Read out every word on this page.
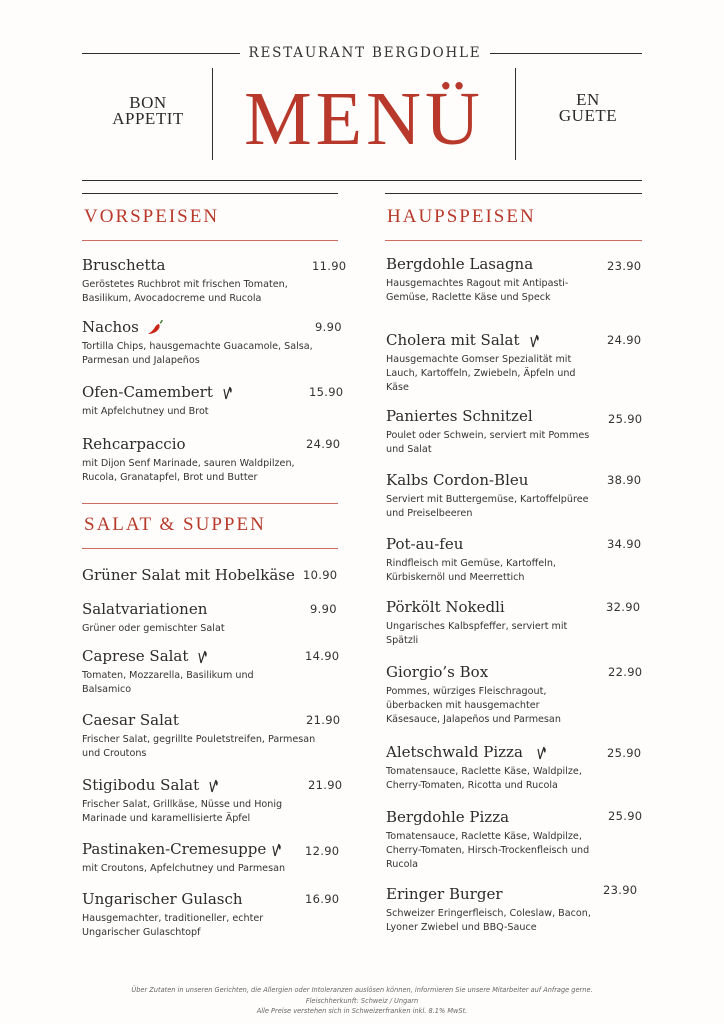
RESTAURANT BERGDOHLE
BON
APPETIT MENÜ	EN
GUETE
VORSPEISEN
Bruschetta
Geröstetes Ruchbrot mit frischen Tomaten, Basilikum, Avocadocreme und Rucola
11.90
Nachos
Tortilla Chips, hausgemachte Guacamole, Salsa, Parmesan und Jalapeños
9.90
Ofen-Camembert
mit Apfelchutney und Brot
15.90
Rehcarpaccio
mit Dijon Senf Marinade, sauren Waldpilzen, Rucola, Granatapfel, Brot und Butter
24.90
SALAT & SUPPEN
Grüner Salat mit Hobelkäse 10.90
Salatvariationen
Grüner oder gemischter Salat
9.90
Caprese Salat
Tomaten, Mozzarella, Basilikum und Balsamico
14.90
Caesar Salat
Frischer Salat, gegrillte Pouletstreifen, Parmesan und Croutons
21.90
Stigibodu Salat
Frischer Salat, Grillkäse, Nüsse und Honig Marinade und karamellisierte Äpfel
21.90
Pastinaken-Cremesuppe
mit Croutons, Apfelchutney und Parmesan
12.90
Ungarischer Gulasch
Hausgemachter, traditioneller, echter Ungarischer Gulaschtopf
16.90
HAUPSPEISEN
Bergdohle Lasagna
Hausgemachtes Ragout mit Antipasti-Gemüse, Raclette Käse und Speck
23.90
Cholera mit Salat
Hausgemachte Gomser Spezialität mit Lauch, Kartoffeln, Zwiebeln, Äpfeln und Käse
24.90
Paniertes Schnitzel
Poulet oder Schwein, serviert mit Pommes und Salat
25.90
Kalbs Cordon-Bleu
Serviert mit Buttergemüse, Kartoffelpüree und Preiselbeeren
38.90
Pot-au-feu
Rindfleisch mit Gemüse, Kartoffeln, Kürbiskernöl und Meerrettich
34.90
Pörkölt Nokedli
Ungarisches Kalbspfeffer, serviert mit Spätzli
32.90
Giorgio’s Box
Pommes, würziges Fleischragout, überbacken mit hausgemachter Käsesauce, Jalapeños und Parmesan
22.90
Aletschwald Pizza
Tomatensauce, Raclette Käse, Waldpilze, Cherry-Tomaten, Ricotta und Rucola
25.90
Bergdohle Pizza
Tomatensauce, Raclette Käse, Waldpilze, Cherry-Tomaten, Hirsch-Trockenfleisch und Rucola
25.90
Eringer Burger
Schweizer Eringerfleisch, Coleslaw, Bacon, Lyoner Zwiebel und BBQ-Sauce
23.90
Über Zutaten in unseren Gerichten, die Allergien oder Intoleranzen auslösen können, informieren Sie unsere Mitarbeiter auf Anfrage gerne.
Fleischherkunft: Schweiz / Ungarn
Alle Preise verstehen sich in Schweizerfranken inkl. 8.1% MwSt.
